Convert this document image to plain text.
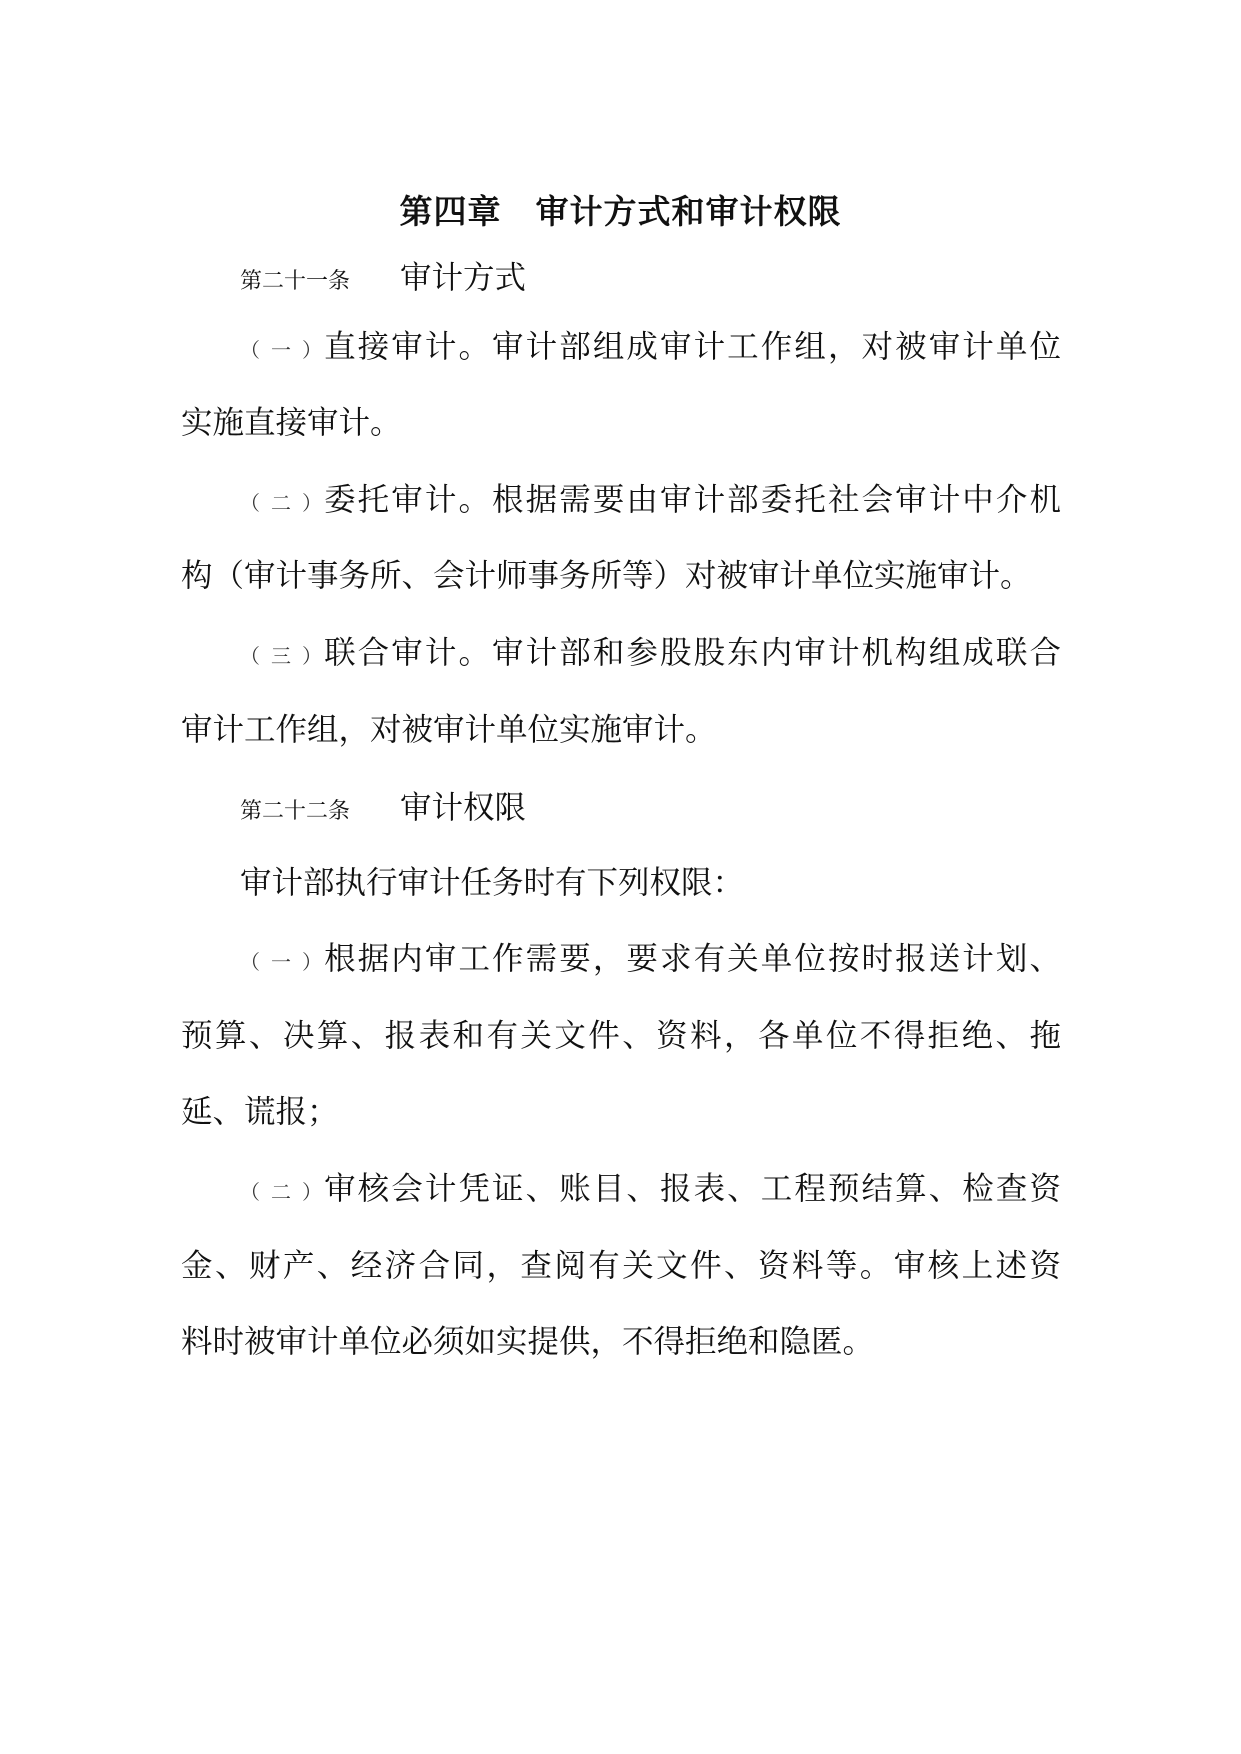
第四章　审计方式和审计权限
第二十一条 审计方式
（一）直接审计。审计部组成审计工作组，对被审计单位
实施直接审计。
（二）委托审计。根据需要由审计部委托社会审计中介机
构（审计事务所、会计师事务所等）对被审计单位实施审计。
（三）联合审计。审计部和参股股东内审计机构组成联合
审计工作组，对被审计单位实施审计。
第二十二条 审计权限
审计部执行审计任务时有下列权限：
（一）根据内审工作需要，要求有关单位按时报送计划、
预算、决算、报表和有关文件、资料，各单位不得拒绝、拖
延、谎报；
（二）审核会计凭证、账目、报表、工程预结算、检查资
金、财产、经济合同，查阅有关文件、资料等。审核上述资
料时被审计单位必须如实提供，不得拒绝和隐匿。
